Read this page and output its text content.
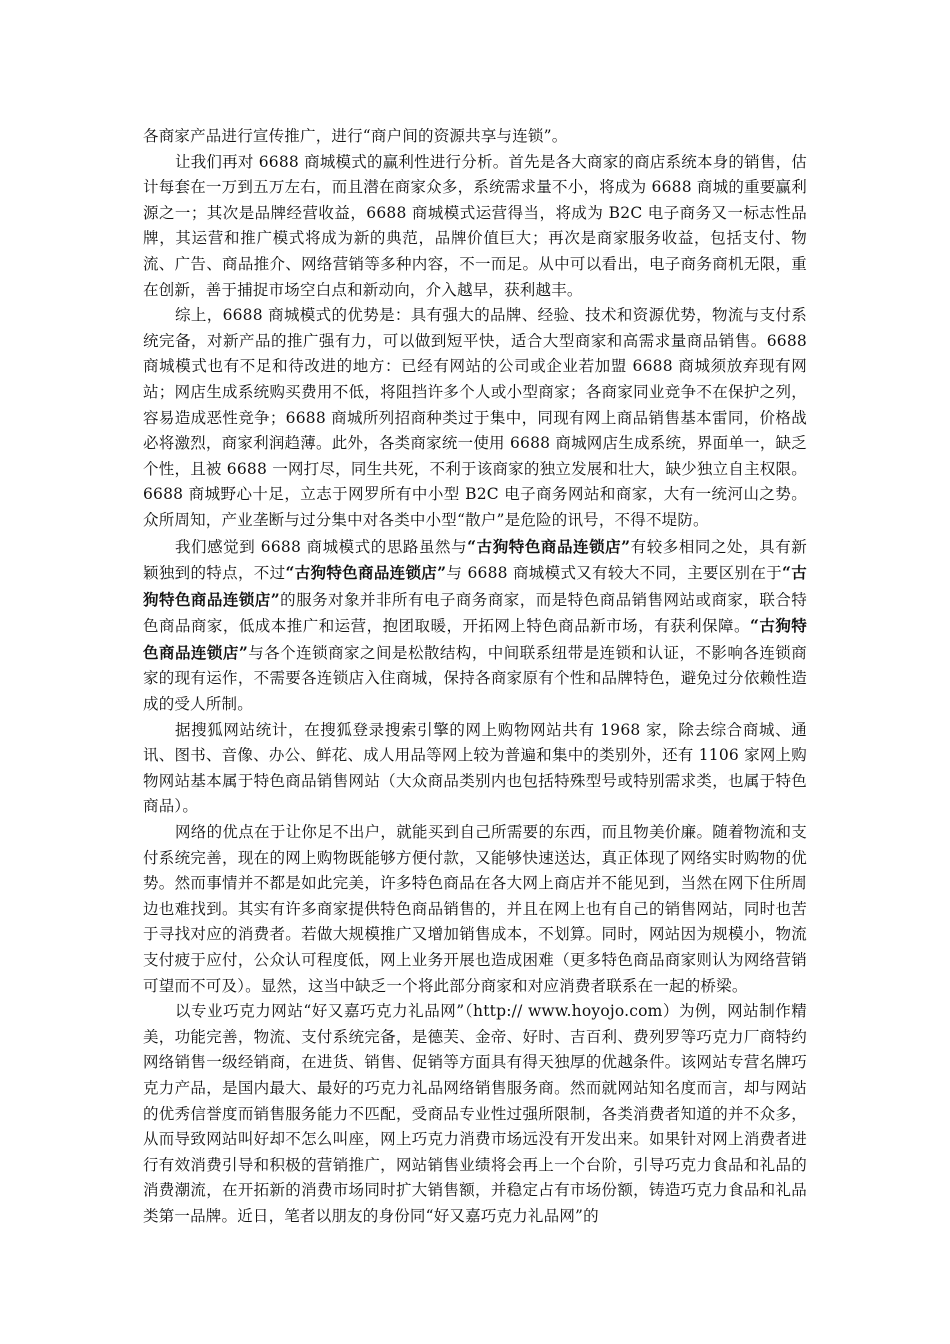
各商家产品进行宣传推广，进行“商户间的资源共享与连锁”。

让我们再对 6688 商城模式的赢利性进行分析。首先是各大商家的商店系统本身的销售，估计每套在一万到五万左右，而且潜在商家众多，系统需求量不小，将成为 6688 商城的重要赢利源之一；其次是品牌经营收益，6688 商城模式运营得当，将成为 B2C 电子商务又一标志性品牌，其运营和推广模式将成为新的典范，品牌价值巨大；再次是商家服务收益，包括支付、物流、广告、商品推介、网络营销等多种内容，不一而足。从中可以看出，电子商务商机无限，重在创新，善于捕捉市场空白点和新动向，介入越早，获利越丰。

综上，6688 商城模式的优势是：具有强大的品牌、经验、技术和资源优势，物流与支付系统完备，对新产品的推广强有力，可以做到短平快，适合大型商家和高需求量商品销售。6688 商城模式也有不足和待改进的地方：已经有网站的公司或企业若加盟 6688 商城须放弃现有网站；网店生成系统购买费用不低，将阻挡许多个人或小型商家；各商家同业竞争不在保护之列，容易造成恶性竞争；6688 商城所列招商种类过于集中，同现有网上商品销售基本雷同，价格战必将激烈，商家利润趋薄。此外，各类商家统一使用 6688 商城网店生成系统，界面单一，缺乏个性，且被 6688 一网打尽，同生共死，不利于该商家的独立发展和壮大，缺少独立自主权限。6688 商城野心十足，立志于网罗所有中小型 B2C 电子商务网站和商家，大有一统河山之势。众所周知，产业垄断与过分集中对各类中小型“散户”是危险的讯号，不得不堤防。

我们感觉到 6688 商城模式的思路虽然与“古狗特色商品连锁店”有较多相同之处，具有新颖独到的特点，不过“古狗特色商品连锁店”与 6688 商城模式又有较大不同，主要区别在于“古狗特色商品连锁店”的服务对象并非所有电子商务商家，而是特色商品销售网站或商家，联合特色商品商家，低成本推广和运营，抱团取暖，开拓网上特色商品新市场，有获利保障。“古狗特色商品连锁店”与各个连锁商家之间是松散结构，中间联系纽带是连锁和认证，不影响各连锁商家的现有运作，不需要各连锁店入住商城，保持各商家原有个性和品牌特色，避免过分依赖性造成的受人所制。

据搜狐网站统计，在搜狐登录搜索引擎的网上购物网站共有 1968 家，除去综合商城、通讯、图书、音像、办公、鲜花、成人用品等网上较为普遍和集中的类别外，还有 1106 家网上购物网站基本属于特色商品销售网站（大众商品类别内也包括特殊型号或特别需求类，也属于特色商品）。

网络的优点在于让你足不出户，就能买到自己所需要的东西，而且物美价廉。随着物流和支付系统完善，现在的网上购物既能够方便付款，又能够快速送达，真正体现了网络实时购物的优势。然而事情并不都是如此完美，许多特色商品在各大网上商店并不能见到，当然在网下住所周边也难找到。其实有许多商家提供特色商品销售的，并且在网上也有自己的销售网站，同时也苦于寻找对应的消费者。若做大规模推广又增加销售成本，不划算。同时，网站因为规模小，物流支付疲于应付，公众认可程度低，网上业务开展也造成困难（更多特色商品商家则认为网络营销可望而不可及）。显然，这当中缺乏一个将此部分商家和对应消费者联系在一起的桥梁。

以专业巧克力网站“好又嘉巧克力礼品网”（http:// www.hoyojo.com）为例，网站制作精美，功能完善，物流、支付系统完备，是德芙、金帝、好时、吉百利、费列罗等巧克力厂商特约网络销售一级经销商，在进货、销售、促销等方面具有得天独厚的优越条件。该网站专营名牌巧克力产品，是国内最大、最好的巧克力礼品网络销售服务商。然而就网站知名度而言，却与网站的优秀信誉度而销售服务能力不匹配，受商品专业性过强所限制，各类消费者知道的并不众多，从而导致网站叫好却不怎么叫座，网上巧克力消费市场远没有开发出来。如果针对网上消费者进行有效消费引导和积极的营销推广，网站销售业绩将会再上一个台阶，引导巧克力食品和礼品的消费潮流，在开拓新的消费市场同时扩大销售额，并稳定占有市场份额，铸造巧克力食品和礼品类第一品牌。近日，笔者以朋友的身份同“好又嘉巧克力礼品网”的
